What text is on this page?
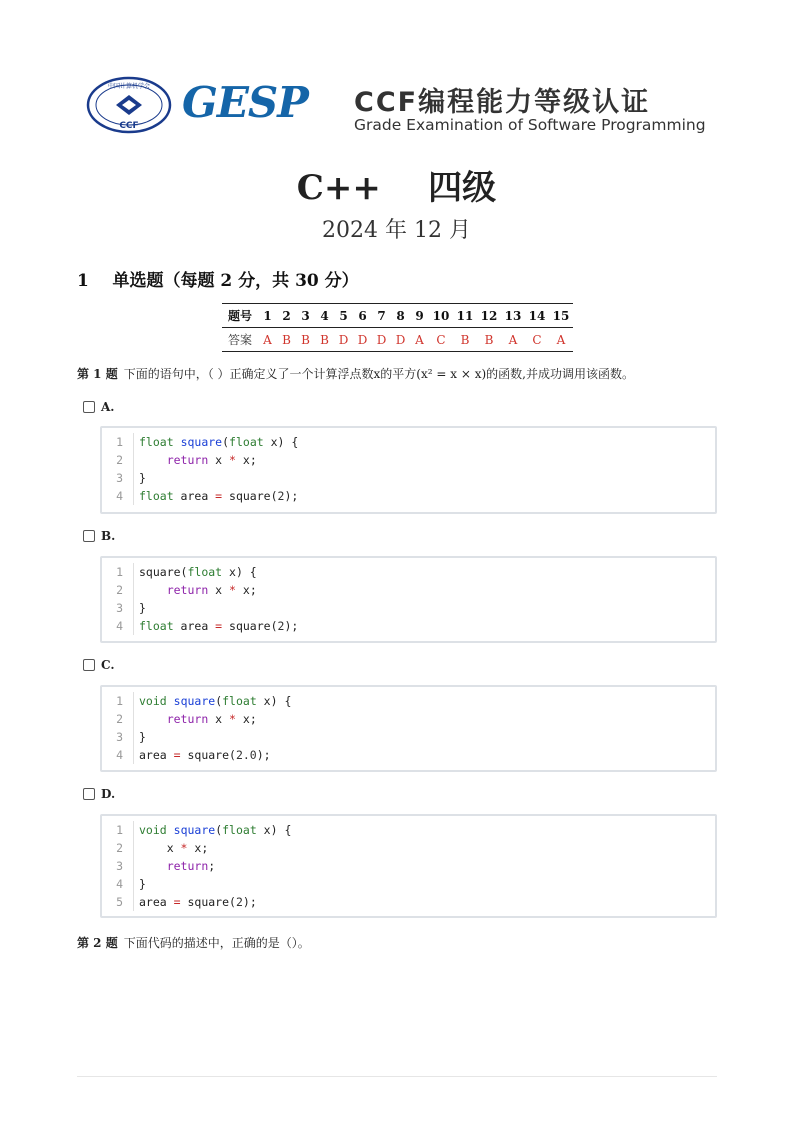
中国计算机学会
CCF GESP CCF编程能力等级认证
Grade Examination of Software Programming
C++    四级
2024 年 12 月
1    单选题（每题 2 分，共 30 分）
题号	1	2	3	4	5	6	7	8	9	10	11	12	13	14	15
答案	A	B	B	B	D	D	D	D	A	C	B	B	A	C	A
第 1 题 下面的语句中，（ ）正确定义了一个计算浮点数x的平方(x² = x × x)的函数,并成功调用该函数。
A.
1	float square(float x) {
2	return x * x;
3	}
4	float area = square(2);
B.
1	square(float x) {
2	return x * x;
3	}
4	float area = square(2);
C.
1	void square(float x) {
2	return x * x;
3	}
4	area = square(2.0);
D.
1	void square(float x) {
2	x * x;
3	return;
4	}
5	area = square(2);
第 2 题 下面代码的描述中，正确的是（）。
